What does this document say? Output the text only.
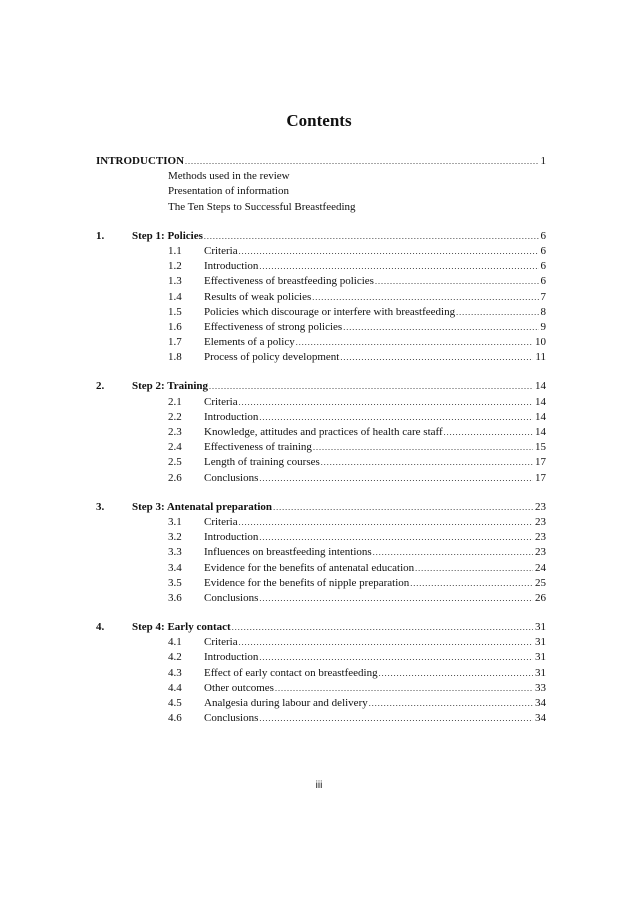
Contents
INTRODUCTION .....	1
Methods used in the review
Presentation of information
The Ten Steps to Successful Breastfeeding
1.	Step 1: Policies .....	6
1.1 Criteria .....	6
1.2 Introduction .....	6
1.3 Effectiveness of breastfeeding policies .....	6
1.4 Results of weak policies .....	7
1.5 Policies which discourage or interfere with breastfeeding .....	8
1.6 Effectiveness of strong policies .....	9
1.7 Elements of a policy .....	10
1.8 Process of policy development .....	11
2.	Step 2: Training .....	14
2.1 Criteria .....	14
2.2 Introduction .....	14
2.3 Knowledge, attitudes and practices of health care staff .....	14
2.4 Effectiveness of training .....	15
2.5 Length of training courses .....	17
2.6 Conclusions .....	17
3.	Step 3: Antenatal preparation .....	23
3.1 Criteria .....	23
3.2 Introduction .....	23
3.3 Influences on breastfeeding intentions .....	23
3.4 Evidence for the benefits of antenatal education .....	24
3.5 Evidence for the benefits of nipple preparation .....	25
3.6 Conclusions .....	26
4.	Step 4: Early contact .....	31
4.1 Criteria .....	31
4.2 Introduction .....	31
4.3 Effect of early contact on breastfeeding .....	31
4.4 Other outcomes .....	33
4.5 Analgesia during labour and delivery .....	34
4.6 Conclusions .....	34
iii
